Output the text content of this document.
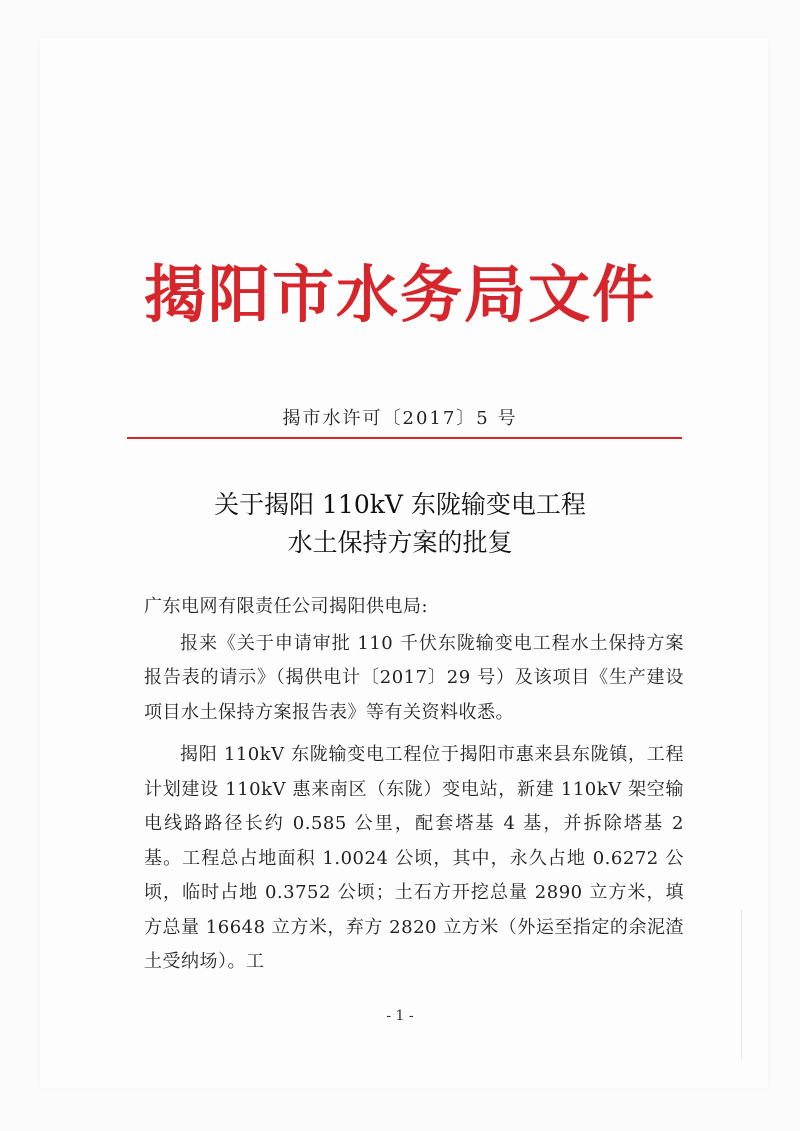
揭阳市水务局文件
揭市水许可〔2017〕5 号
关于揭阳 110kV 东陇输变电工程
水土保持方案的批复

广东电网有限责任公司揭阳供电局:

报来《关于申请审批 110 千伏东陇输变电工程水土保持方案报告表的请示》（揭供电计〔2017〕29 号）及该项目《生产建设项目水土保持方案报告表》等有关资料收悉。

揭阳 110kV 东陇输变电工程位于揭阳市惠来县东陇镇，工程计划建设 110kV 惠来南区（东陇）变电站，新建 110kV 架空输电线路路径长约 0.585 公里，配套塔基 4 基，并拆除塔基 2 基。工程总占地面积 1.0024 公顷，其中，永久占地 0.6272 公顷，临时占地 0.3752 公顷；土石方开挖总量 2890 立方米，填方总量 16648 立方米，弃方 2820 立方米（外运至指定的余泥渣土受纳场）。工

- 1 -
